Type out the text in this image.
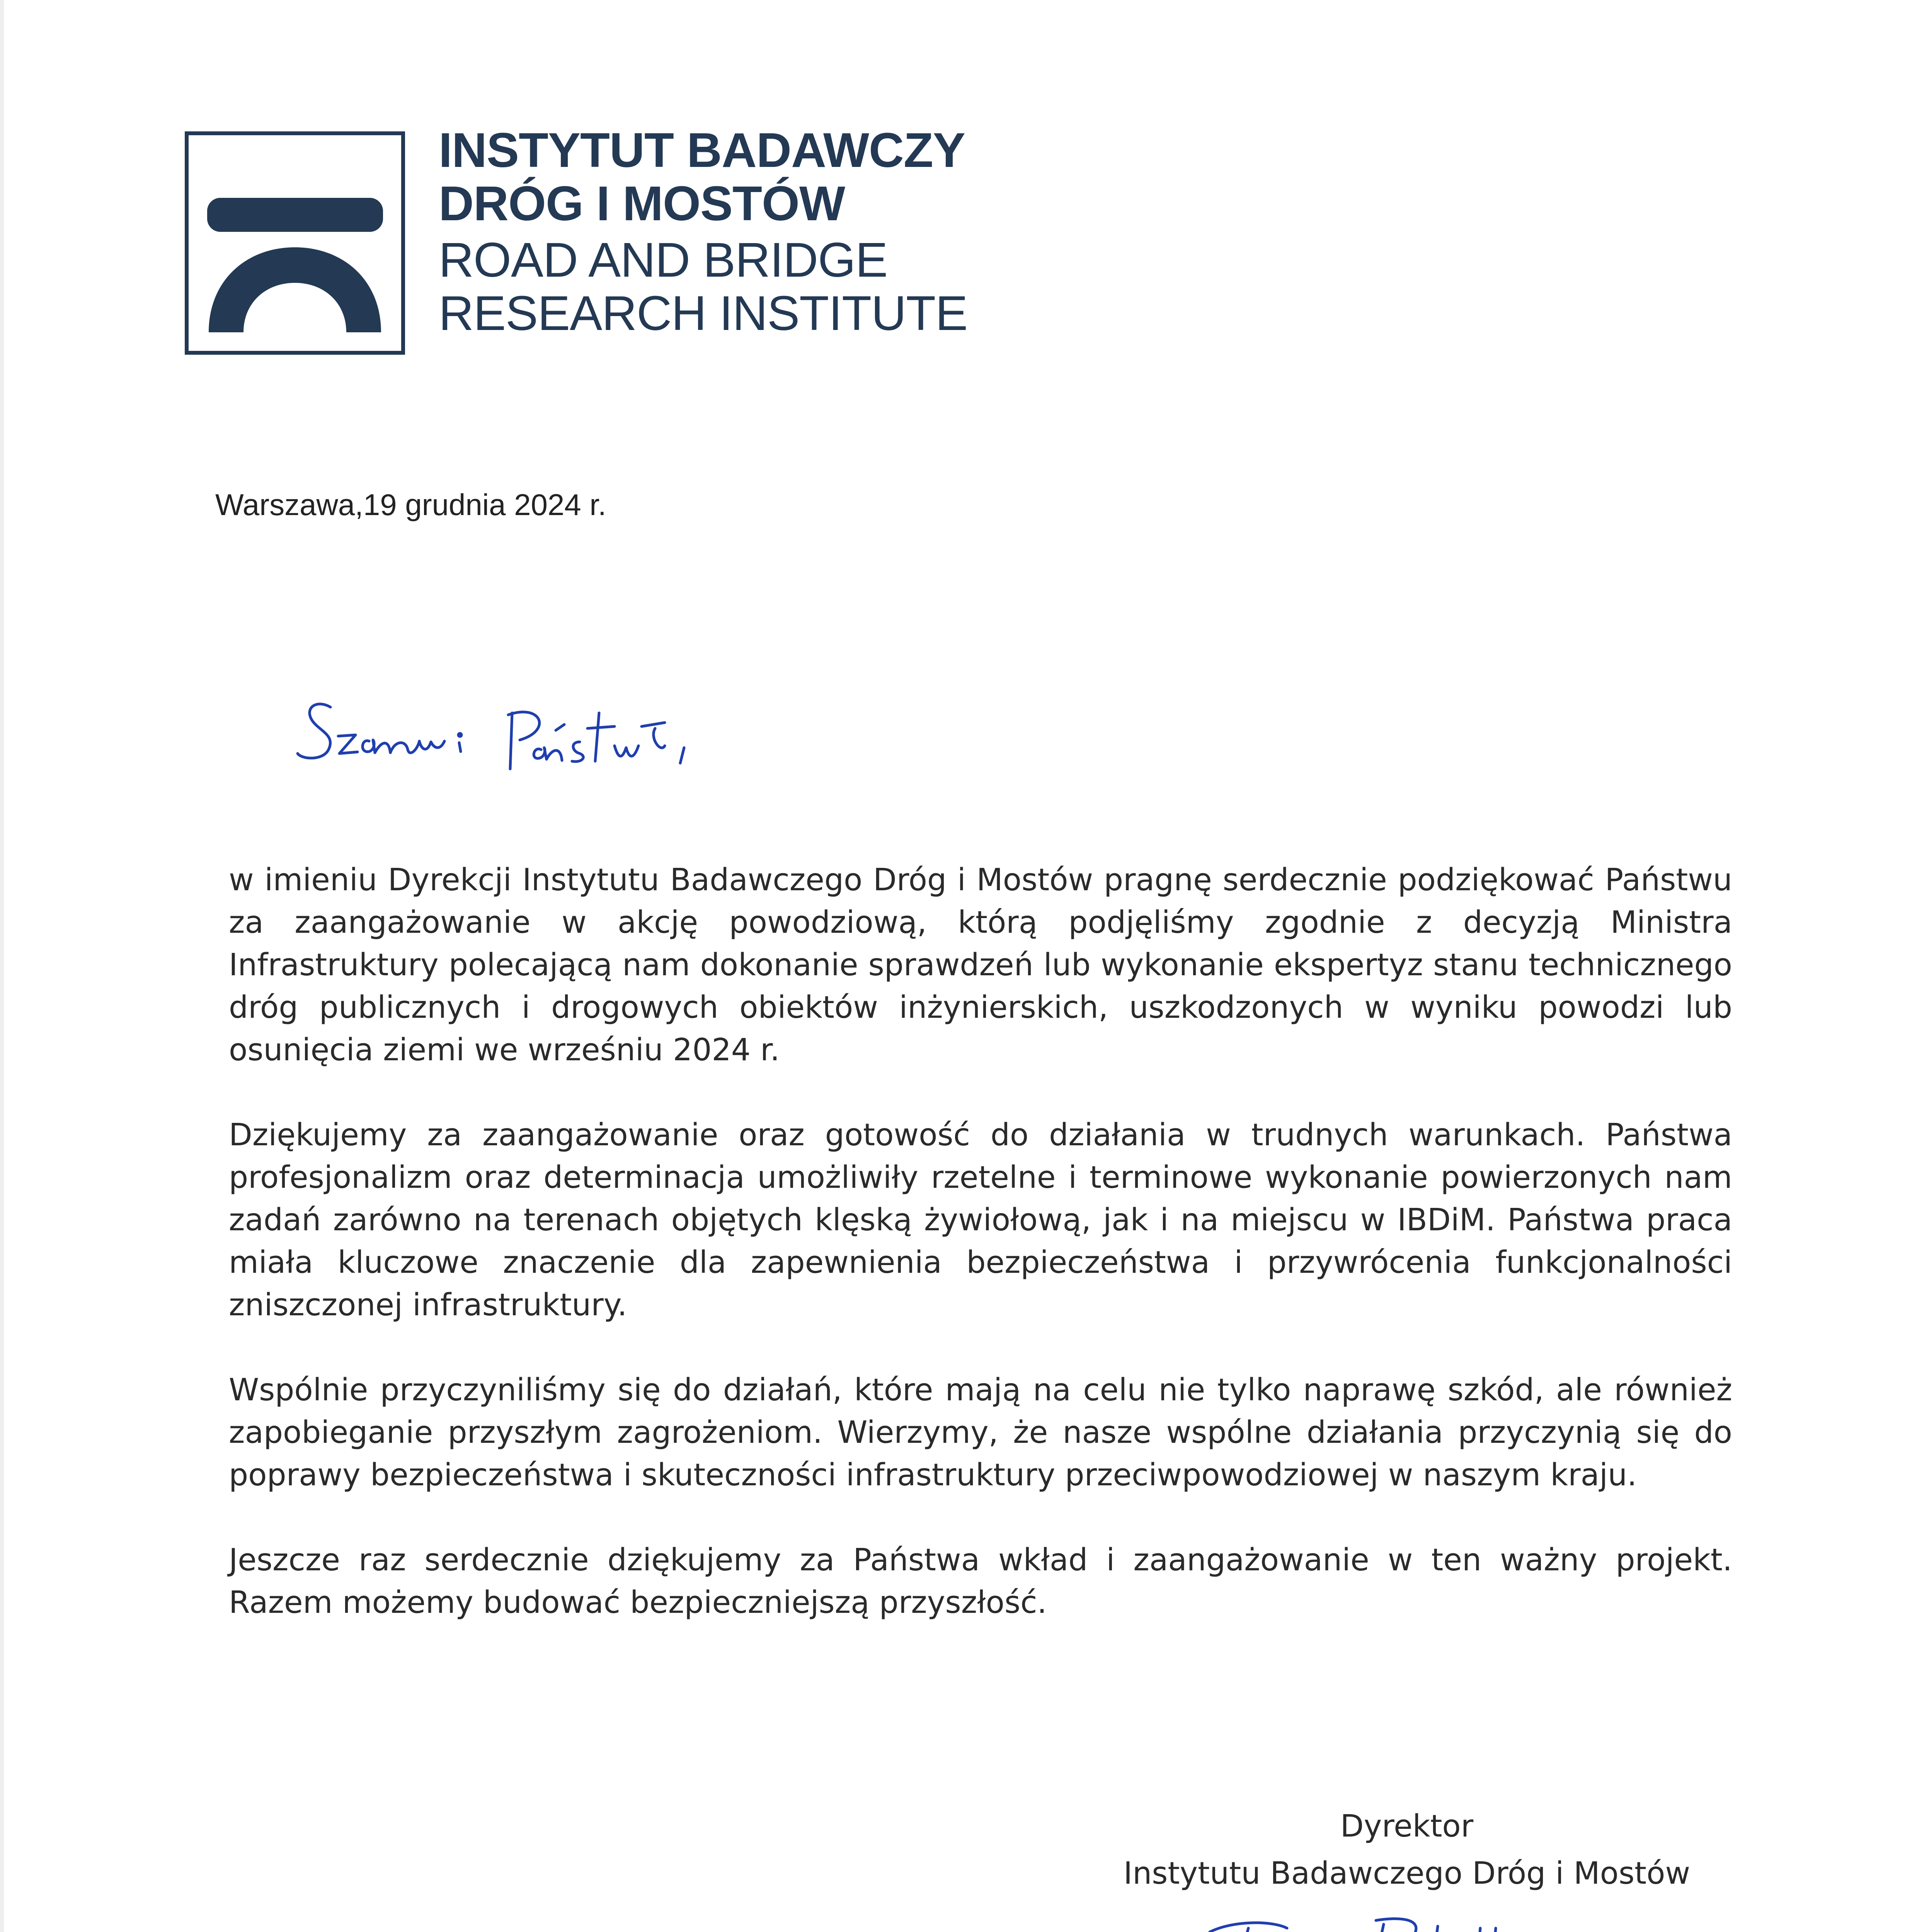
INSTYTUT BADAWCZY
DRÓG I MOSTÓW
ROAD AND BRIDGE
RESEARCH INSTITUTE
Warszawa,19 grudnia 2024 r.

w imieniu Dyrekcji Instytutu Badawczego Dróg i Mostów pragnę serdecznie podziękować Państwu za zaangażowanie w akcję powodziową, którą podjęliśmy zgodnie z decyzją Ministra Infrastruktury polecającą nam dokonanie sprawdzeń lub wykonanie ekspertyz stanu technicznego dróg publicznych i drogowych obiektów inżynierskich, uszkodzonych w wyniku powodzi lub osunięcia ziemi we wrześniu 2024 r.

Dziękujemy za zaangażowanie oraz gotowość do działania w trudnych warunkach. Państwa profesjonalizm oraz determinacja umożliwiły rzetelne i terminowe wykonanie powierzonych nam zadań zarówno na terenach objętych klęską żywiołową, jak i na miejscu w IBDiM. Państwa praca miała kluczowe znaczenie dla zapewnienia bezpieczeństwa i przywrócenia funkcjonalności zniszczonej infrastruktury.

Wspólnie przyczyniliśmy się do działań, które mają na celu nie tylko naprawę szkód, ale również zapobieganie przyszłym zagrożeniom. Wierzymy, że nasze wspólne działania przyczynią się do poprawy bezpieczeństwa i skuteczności infrastruktury przeciwpowodziowej w naszym kraju.

Jeszcze raz serdecznie dziękujemy za Państwa wkład i zaangażowanie w ten ważny projekt. Razem możemy budować bezpieczniejszą przyszłość.

Dyrektor
Instytutu Badawczego Dróg i Mostów
